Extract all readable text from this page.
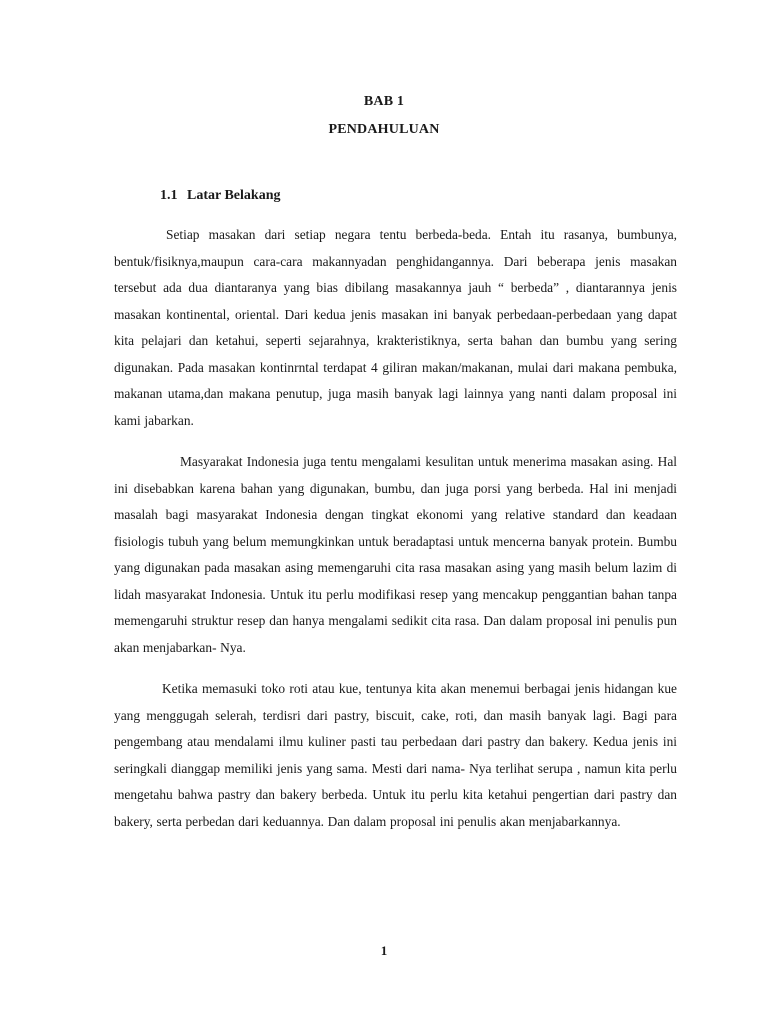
BAB 1
PENDAHULUAN
1.1 Latar Belakang

Setiap masakan dari setiap negara tentu berbeda-beda. Entah itu rasanya, bumbunya, bentuk/fisiknya,maupun cara-cara makannyadan penghidangannya. Dari beberapa jenis masakan tersebut ada dua diantaranya yang bias dibilang masakannya jauh “ berbeda” , diantarannya jenis masakan kontinental, oriental. Dari kedua jenis masakan ini banyak perbedaan-perbedaan yang dapat kita pelajari dan ketahui, seperti sejarahnya, krakteristiknya, serta bahan dan bumbu yang sering digunakan. Pada masakan kontinrntal terdapat 4 giliran makan/makanan, mulai dari makana pembuka, makanan utama,dan makana penutup, juga masih banyak lagi lainnya yang nanti dalam proposal ini kami jabarkan.

Masyarakat Indonesia juga tentu mengalami kesulitan untuk menerima masakan asing. Hal ini disebabkan karena bahan yang digunakan, bumbu, dan juga porsi yang berbeda. Hal ini menjadi masalah bagi masyarakat Indonesia dengan tingkat ekonomi yang relative standard dan keadaan fisiologis tubuh yang belum memungkinkan untuk beradaptasi untuk mencerna banyak protein. Bumbu yang digunakan pada masakan asing memengaruhi cita rasa masakan asing yang masih belum lazim di lidah masyarakat Indonesia. Untuk itu perlu modifikasi resep yang mencakup penggantian bahan tanpa memengaruhi struktur resep dan hanya mengalami sedikit cita rasa. Dan dalam proposal ini penulis pun akan menjabarkan- Nya.

Ketika memasuki toko roti atau kue, tentunya kita akan menemui berbagai jenis hidangan kue yang menggugah selerah, terdisri dari pastry, biscuit, cake, roti, dan masih banyak lagi. Bagi para pengembang atau mendalami ilmu kuliner pasti tau perbedaan dari pastry dan bakery. Kedua jenis ini seringkali dianggap memiliki jenis yang sama. Mesti dari nama- Nya terlihat serupa , namun kita perlu mengetahu bahwa pastry dan bakery berbeda. Untuk itu perlu kita ketahui pengertian dari pastry dan bakery, serta perbedan dari keduannya. Dan dalam proposal ini penulis akan menjabarkannya.

1
